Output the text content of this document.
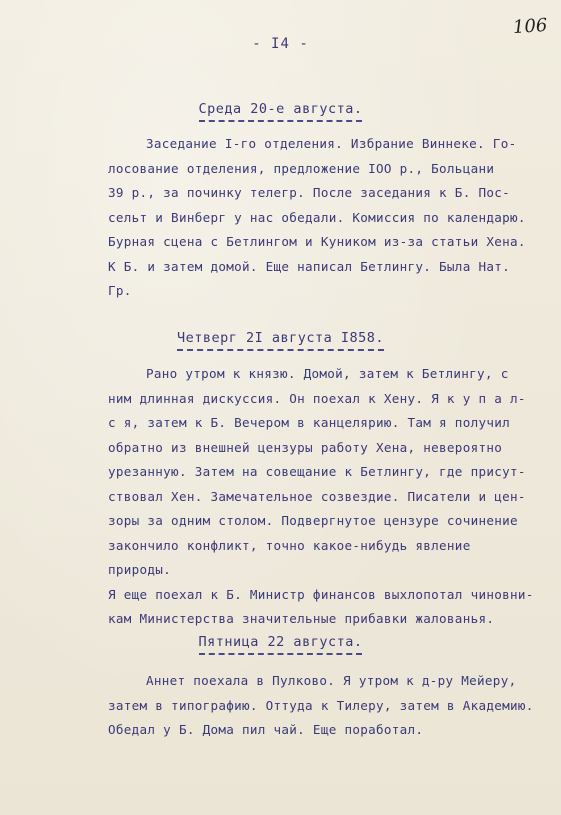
106
- I4 -
Среда 20-е августа.

Заседание I-го отделения. Избрание Виннеке. Го-
лосование отделения, предложение IOO р., Больцани
39 р., за починку телегр. После заседания к Б. Пос-
сельт и Винберг у нас обедали. Комиссия по календарю.
Бурная сцена с Бетлингом и Куником из-за статьи Хена.
К Б. и затем домой. Еще написал Бетлингу. Была Нат.
Гр.

Четверг 2I августа I858.

Рано утром к князю. Домой, затем к Бетлингу, с
ним длинная дискуссия. Он поехал к Хену. Я к у п а л-
с я, затем к Б. Вечером в канцелярию. Там я получил
обратно из внешней цензуры работу Хена, невероятно
урезанную. Затем на совещание к Бетлингу, где присут-
ствовал Хен. Замечательное созвездие. Писатели и цен-
зоры за одним столом. Подвергнутое цензуре сочинение
закончило конфликт, точно какое-нибудь явление природы.
Я еще поехал к Б. Министр финансов выхлопотал чиновни-
кам Министерства значительные прибавки жалованья.

Пятница 22 августа.

Аннет поехала в Пулково. Я утром к д-ру Мейеру,
затем в типографию. Оттуда к Тилеру, затем в Академию.
Обедал у Б. Дома пил чай. Еще поработал.
